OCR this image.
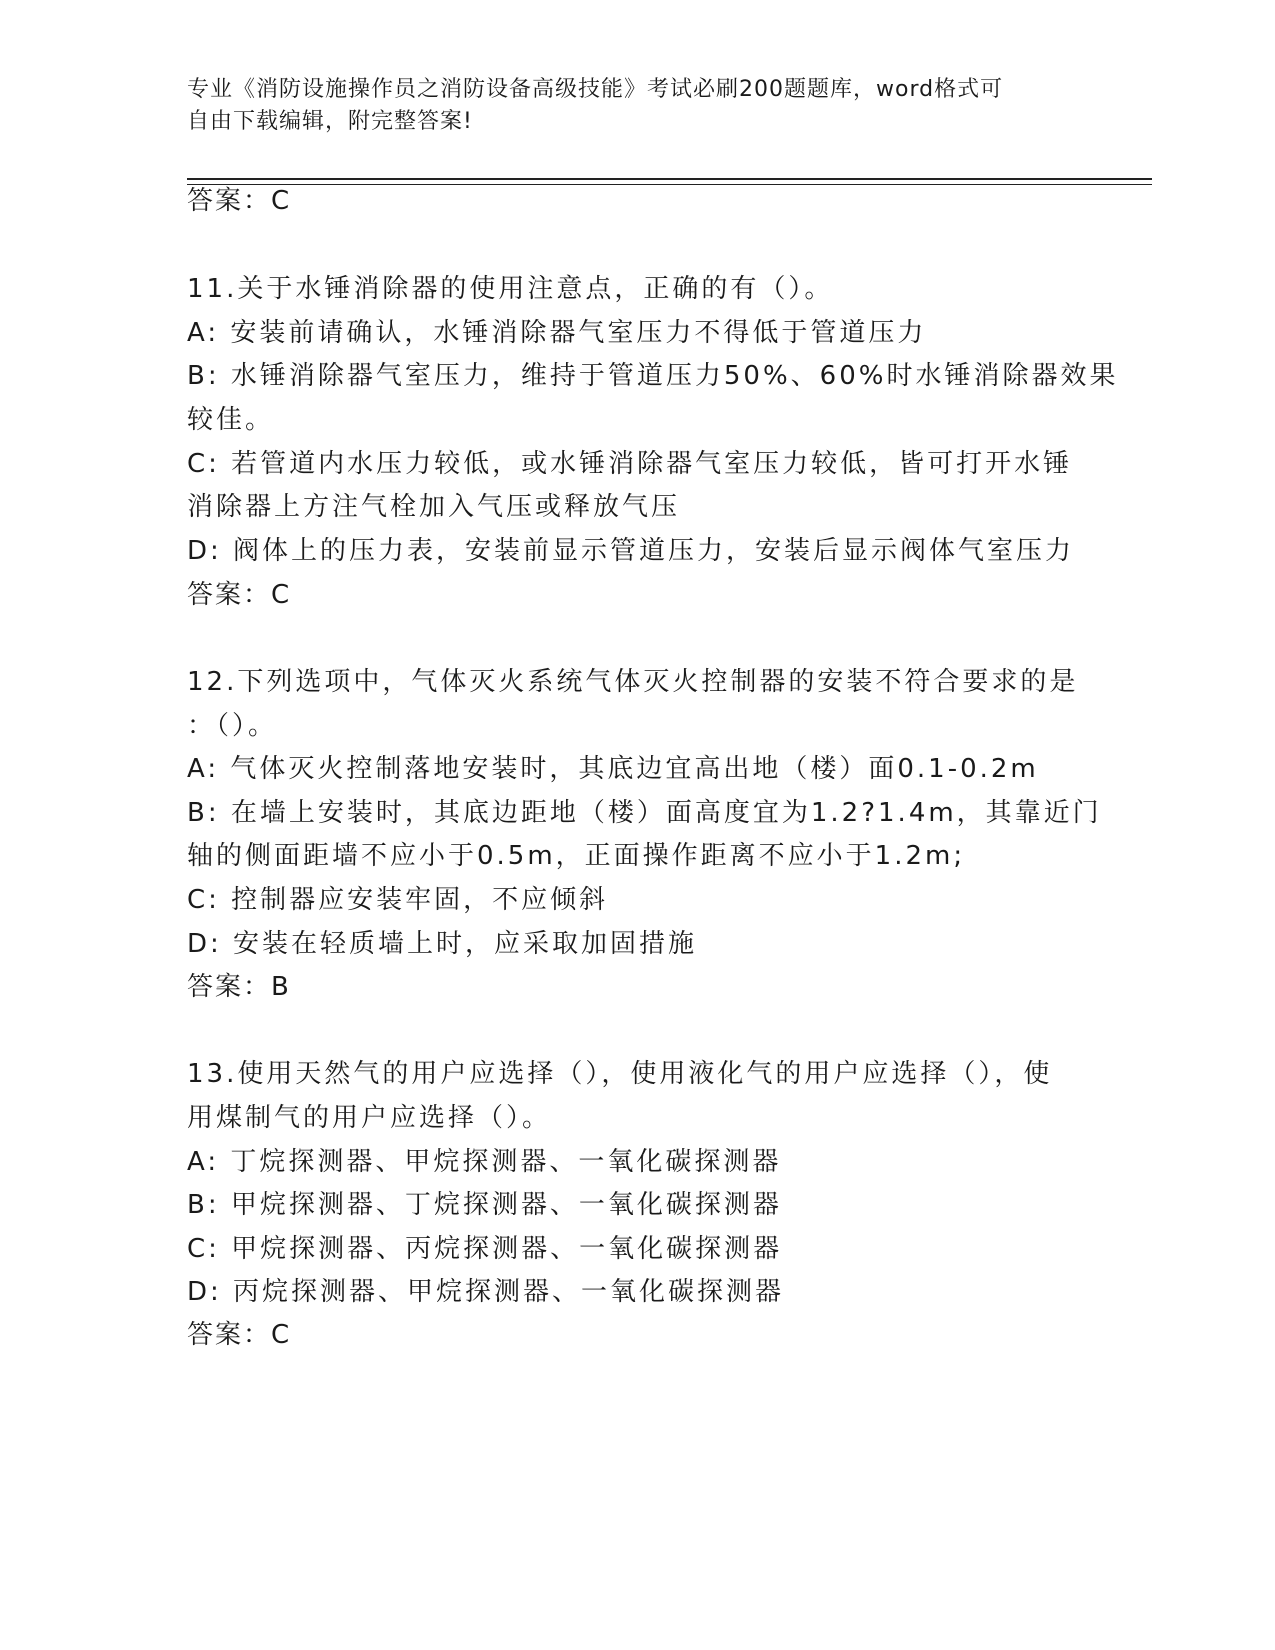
专业《消防设施操作员之消防设备高级技能》考试必刷200题题库，word格式可
自由下载编辑，附完整答案!
答案：C
11.关于水锤消除器的使用注意点，正确的有（）。
A: 安装前请确认，水锤消除器气室压力不得低于管道压力
B: 水锤消除器气室压力，维持于管道压力50%、60%时水锤消除器效果
较佳。
C: 若管道内水压力较低，或水锤消除器气室压力较低，皆可打开水锤
消除器上方注气栓加入气压或释放气压
D: 阀体上的压力表，安装前显示管道压力，安装后显示阀体气室压力
答案：C
12.下列选项中，气体灭火系统气体灭火控制器的安装不符合要求的是
：（）。
A: 气体灭火控制落地安装时，其底边宜高出地（楼）面0.1-0.2m
B: 在墙上安装时，其底边距地（楼）面高度宜为1.2?1.4m，其靠近门
轴的侧面距墙不应小于0.5m，正面操作距离不应小于1.2m;
C: 控制器应安装牢固，不应倾斜
D: 安装在轻质墙上时，应采取加固措施
答案：B
13.使用天然气的用户应选择（），使用液化气的用户应选择（），使
用煤制气的用户应选择（）。
A: 丁烷探测器、甲烷探测器、一氧化碳探测器
B: 甲烷探测器、丁烷探测器、一氧化碳探测器
C: 甲烷探测器、丙烷探测器、一氧化碳探测器
D: 丙烷探测器、甲烷探测器、一氧化碳探测器
答案：C
